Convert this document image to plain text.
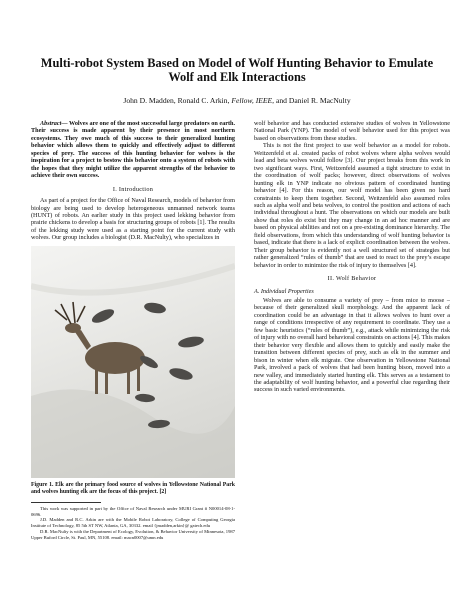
Multi-robot System Based on Model of Wolf Hunting Behavior to Emulate Wolf and Elk Interactions
John D. Madden, Ronald C. Arkin, Fellow, IEEE, and Daniel R. MacNulty

Abstract— Wolves are one of the most successful large predators on earth. Their success is made apparent by their presence in most northern ecosystems. They owe much of this success to their generalized hunting behavior which allows them to quickly and effectively adjust to different species of prey. The success of this hunting behavior for wolves is the inspiration for a project to bestow this behavior onto a system of robots with the hopes that they might utilize the apparent strengths of the behavior to achieve their own success.

I. Introduction

As part of a project for the Office of Naval Research, models of behavior from biology are being used to develop heterogeneous unmanned network teams (HUNT) of robots. An earlier study in this project used lekking behavior from prairie chickens to develop a basis for structuring groups of robots [1]. The results of the lekking study were used as a starting point for the current study with wolves. Our group includes a biologist (D.R. MacNulty), who specializes in

Figure 1. Elk are the primary food source of wolves in Yellowstone National Park and wolves hunting elk are the focus of this project. [2]

This work was supported in part by the Office of Naval Research under MURI Grant # N00014-08-1-0696.

J.D. Madden and R.C. Arkin are with the Mobile Robot Laboratory, College of Computing Georgia Institute of Technology, 85 5th ST NW, Atlanta, GA, 30332. email {jmadden,arkin}@ gatech.edu

D.R. MacNulty is with the Department of Ecology, Evolution, & Behavior University of Minnesota, 1987 Upper Buford Circle, St. Paul, MN, 55108. email: macn0007@umn.edu

wolf behavior and has conducted extensive studies of wolves in Yellowstone National Park (YNP). The model of wolf behavior used for this project was based on observations from these studies.

This is not the first project to use wolf behavior as a model for robots. Weitzenfeld et al. created packs of robot wolves where alpha wolves would lead and beta wolves would follow [3]. Our project breaks from this work in two significant ways. First, Weitzenfeld assumed a tight structure to exist in the coordination of wolf packs; however, direct observations of wolves hunting elk in YNP indicate no obvious pattern of coordinated hunting behavior [4]. For this reason, our wolf model has been given no hard constraints to keep them together. Second, Weitzenfeld also assumed roles such as alpha wolf and beta wolves, to control the position and actions of each individual throughout a hunt. The observations on which our models are built show that roles do exist but they may change in an ad hoc manner and are based on physical abilities and not on a pre-existing dominance hierarchy. The field observations, from which this understanding of wolf hunting behavior is based, indicate that there is a lack of explicit coordination between the wolves. Their group behavior is evidently not a well structured set of strategies but rather generalized “rules of thumb” that are used to react to the prey’s escape behavior in order to minimize the risk of injury to themselves [4].

II. Wolf Behavior
A. Individual Properties

Wolves are able to consume a variety of prey – from mice to moose – because of their generalized skull morphology. And the apparent lack of coordination could be an advantage in that it allows wolves to hunt over a range of conditions irrespective of any requirement to coordinate. They use a few basic heuristics (“rules of thumb”), e.g., attack while minimizing the risk of injury with no overall hard behavioral constraints on actions [4]. This makes their behavior very flexible and allows them to quickly and easily make the transition between different species of prey, such as elk in the summer and bison in winter when elk migrate. One observation in Yellowstone National Park, involved a pack of wolves that had been hunting bison, moved into a new valley, and immediately started hunting elk. This serves as a testament to the adaptability of wolf hunting behavior, and a powerful clue regarding their success in such varied environments.
